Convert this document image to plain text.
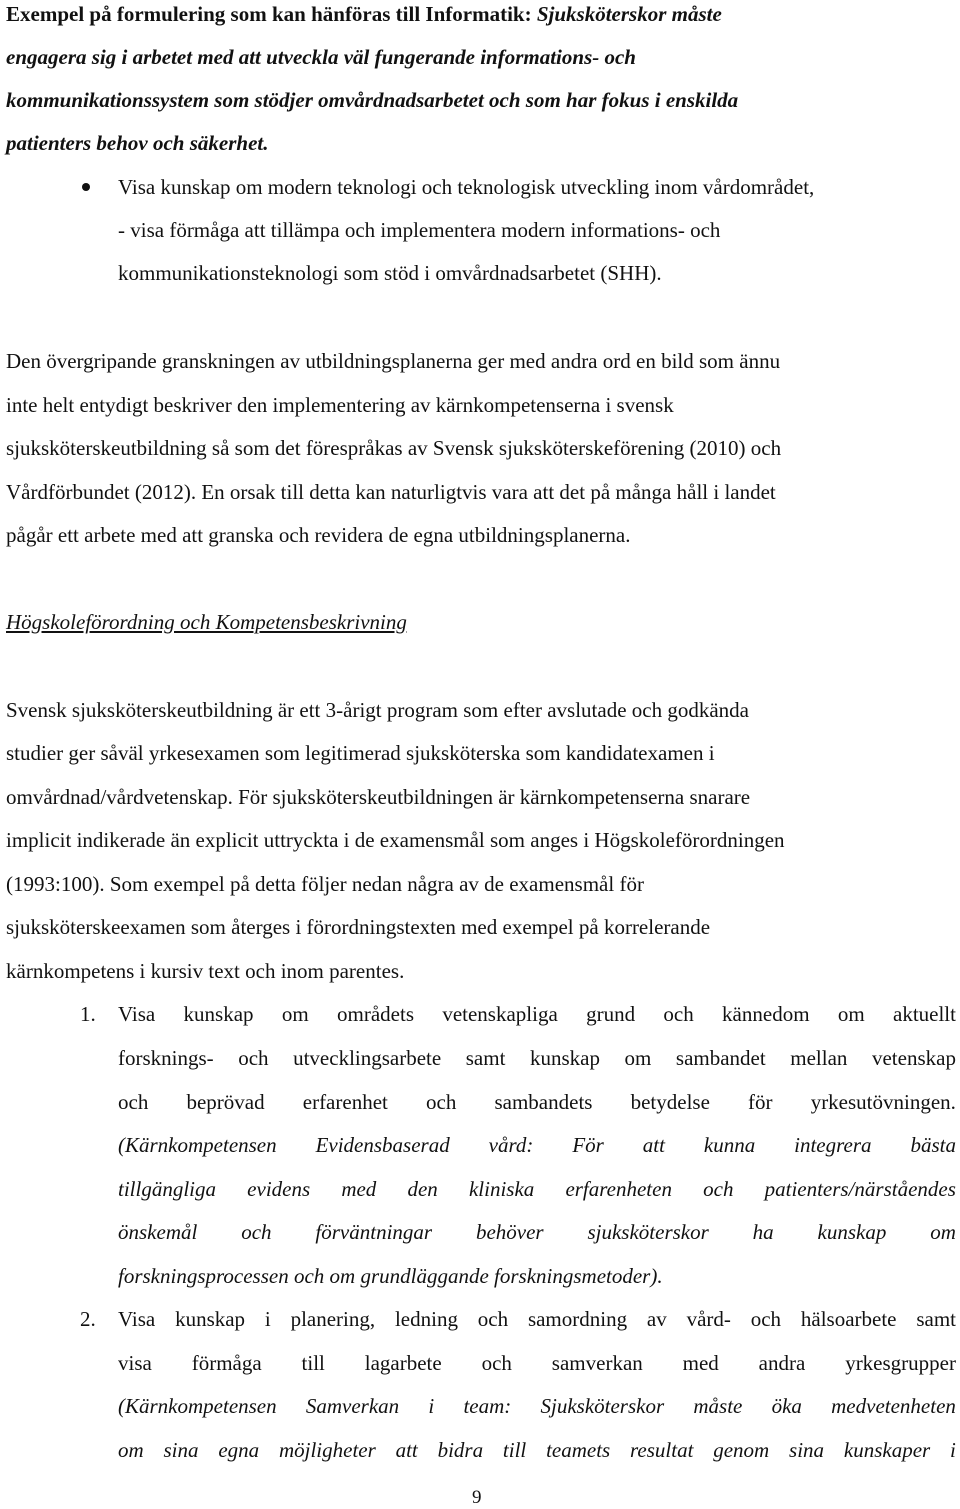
Exempel på formulering som kan hänföras till Informatik: Sjuksköterskor måste
engagera sig i arbetet med att utveckla väl fungerande informations- och
kommunikationssystem som stödjer omvårdnadsarbetet och som har fokus i enskilda
patienters behov och säkerhet.
Visa kunskap om modern teknologi och teknologisk utveckling inom vårdområdet,
- visa förmåga att tillämpa och implementera modern informations- och
kommunikationsteknologi som stöd i omvårdnadsarbetet (SHH).
Den övergripande granskningen av utbildningsplanerna ger med andra ord en bild som ännu
inte helt entydigt beskriver den implementering av kärnkompetenserna i svensk
sjuksköterskeutbildning så som det förespråkas av Svensk sjuksköterskeförening (2010) och
Vårdförbundet (2012). En orsak till detta kan naturligtvis vara att det på många håll i landet
pågår ett arbete med att granska och revidera de egna utbildningsplanerna.
Högskoleförordning och Kompetensbeskrivning
Svensk sjuksköterskeutbildning är ett 3-årigt program som efter avslutade och godkända
studier ger såväl yrkesexamen som legitimerad sjuksköterska som kandidatexamen i
omvårdnad/vårdvetenskap. För sjuksköterskeutbildningen är kärnkompetenserna snarare
implicit indikerade än explicit uttryckta i de examensmål som anges i Högskoleförordningen
(1993:100). Som exempel på detta följer nedan några av de examensmål för
sjuksköterskeexamen som återges i förordningstexten med exempel på korrelerande
kärnkompetens i kursiv text och inom parentes.
1. Visa kunskap om områdets vetenskapliga grund och kännedom om aktuellt
forsknings- och utvecklingsarbete samt kunskap om sambandet mellan vetenskap
och beprövad erfarenhet och sambandets betydelse för yrkesutövningen.
(Kärnkompetensen Evidensbaserad vård: För att kunna integrera bästa
tillgängliga evidens med den kliniska erfarenheten och patienters/närståendes
önskemål och förväntningar behöver sjuksköterskor ha kunskap om
forskningsprocessen och om grundläggande forskningsmetoder).
2. Visa kunskap i planering, ledning och samordning av vård- och hälsoarbete samt
visa förmåga till lagarbete och samverkan med andra yrkesgrupper
(Kärnkompetensen Samverkan i team: Sjuksköterskor måste öka medvetenheten
om sina egna möjligheter att bidra till teamets resultat genom sina kunskaper i
9
